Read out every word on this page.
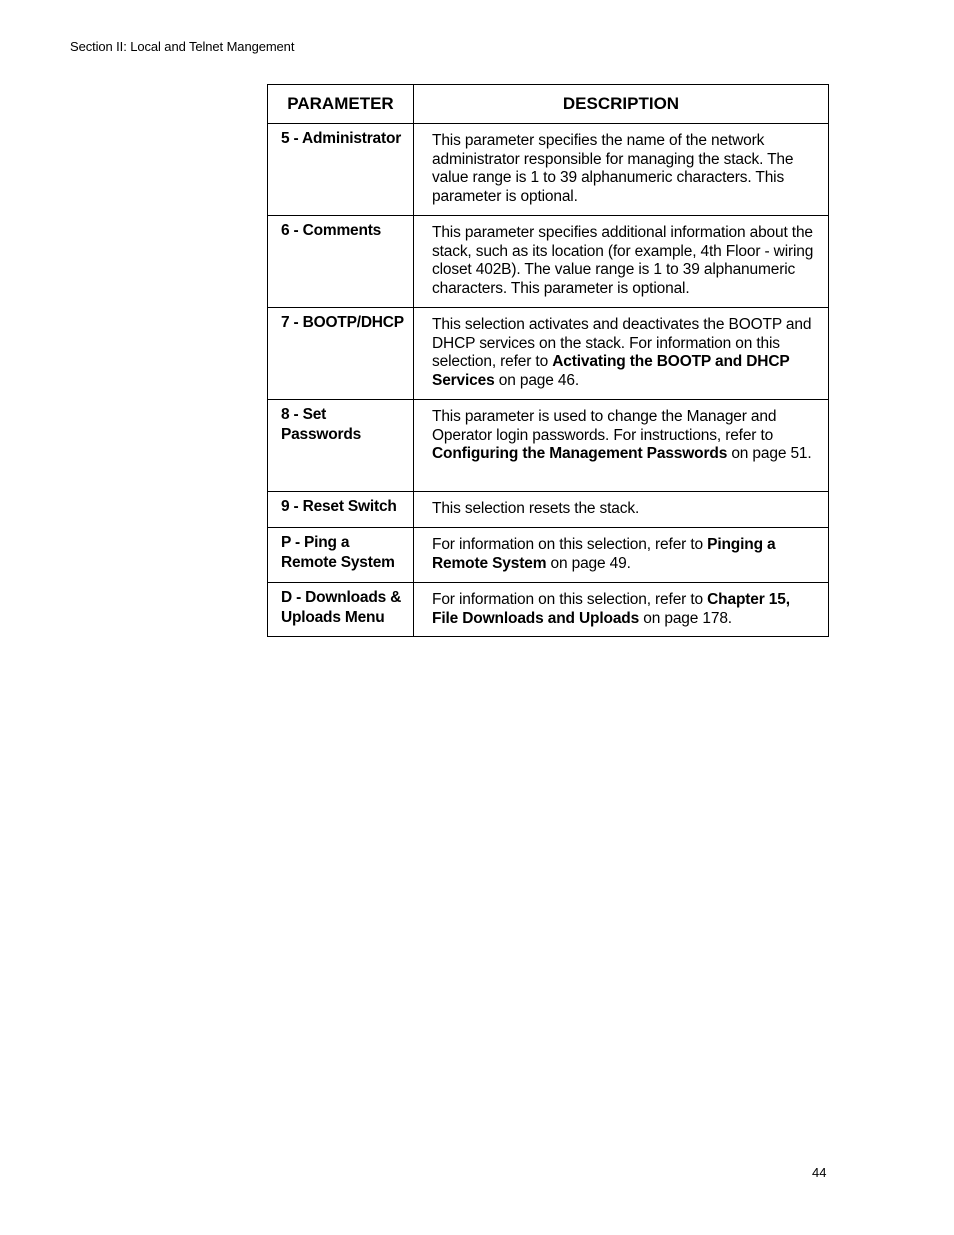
Section II: Local and Telnet Mangement
PARAMETER	DESCRIPTION
5 - Administrator	This parameter specifies the name of the network administrator responsible for managing the stack. The value range is 1 to 39 alphanumeric characters. This parameter is optional.
6 - Comments	This parameter specifies additional information about the stack, such as its location (for example, 4th Floor - wiring closet 402B). The value range is 1 to 39 alphanumeric characters. This parameter is optional.
7 - BOOTP/DHCP	This selection activates and deactivates the BOOTP and DHCP services on the stack. For information on this selection, refer to Activating the BOOTP and DHCP Services on page 46.

8 - Set
Passwords	This parameter is used to change the Manager and Operator login passwords. For instructions, refer to Configuring the Management Passwords on page 51.
9 - Reset Switch	This selection resets the stack.

P - Ping a
Remote System	For information on this selection, refer to Pinging a Remote System on page 49.

D - Downloads &
Uploads Menu	For information on this selection, refer to Chapter 15, File Downloads and Uploads on page 178.
44
